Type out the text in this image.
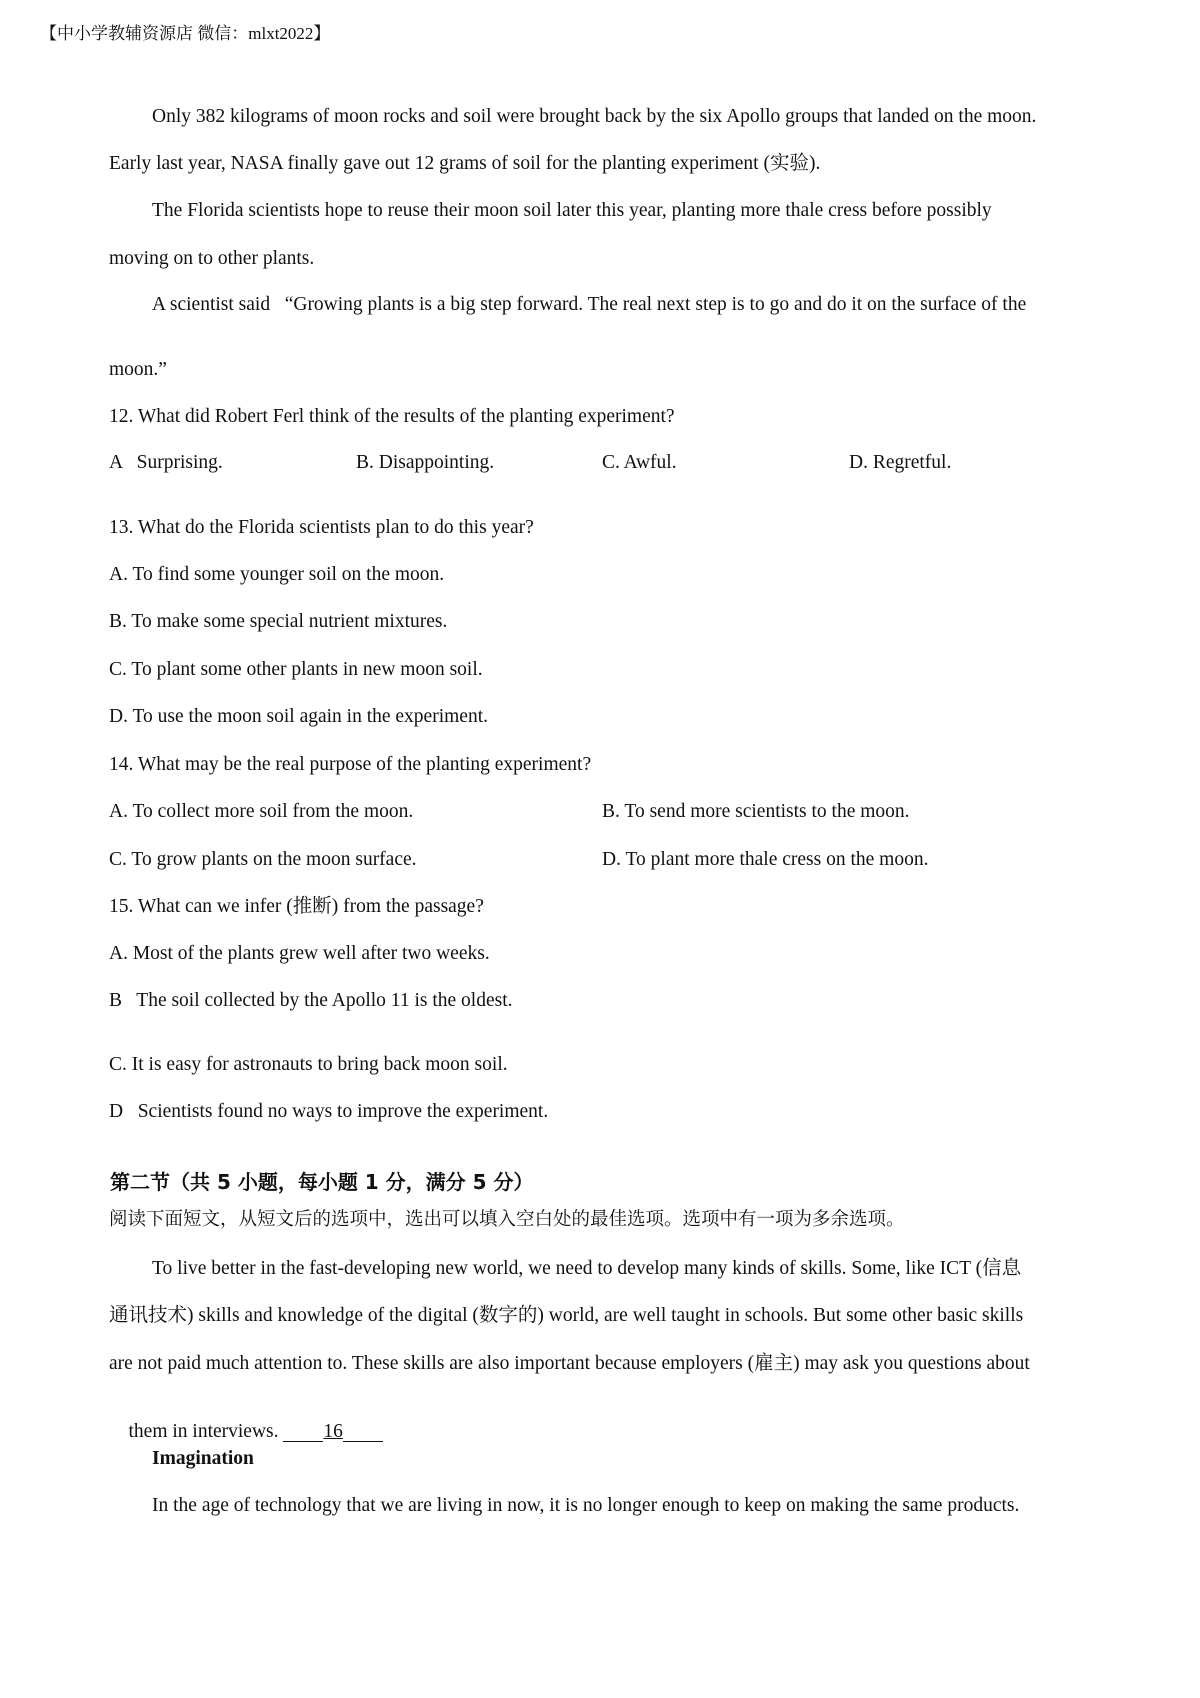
【中小学教辅资源店 微信：mlxt2022】
Only 382 kilograms of moon rocks and soil were brought back by the six Apollo groups that landed on the moon.
Early last year, NASA finally gave out 12 grams of soil for the planting experiment (实验).
The Florida scientists hope to reuse their moon soil later this year, planting more thale cress before possibly
moving on to other plants.
A scientist said   “Growing plants is a big step forward. The real next step is to go and do it on the surface of the
moon.”
12. What did Robert Ferl think of the results of the planting experiment?
A   Surprising.	B. Disappointing.	C. Awful.	D. Regretful.
13. What do the Florida scientists plan to do this year?
A. To find some younger soil on the moon.
B. To make some special nutrient mixtures.
C. To plant some other plants in new moon soil.
D. To use the moon soil again in the experiment.
14. What may be the real purpose of the planting experiment?
A. To collect more soil from the moon.	B. To send more scientists to the moon.
C. To grow plants on the moon surface.	D. To plant more thale cress on the moon.
15. What can we infer (推断) from the passage?
A. Most of the plants grew well after two weeks.
B   The soil collected by the Apollo 11 is the oldest.
C. It is easy for astronauts to bring back moon soil.
D   Scientists found no ways to improve the experiment.
第二节（共 5 小题，每小题 1 分，满分 5 分）
阅读下面短文，从短文后的选项中，选出可以填入空白处的最佳选项。选项中有一项为多余选项。
To live better in the fast-developing new world, we need to develop many kinds of skills. Some, like ICT (信息
通讯技术) skills and knowledge of the digital (数字的) world, are well taught in schools. But some other basic skills
are not paid much attention to. These skills are also important because employers (雇主) may ask you questions about

them in interviews. 16

Imagination
In the age of technology that we are living in now, it is no longer enough to keep on making the same products.
